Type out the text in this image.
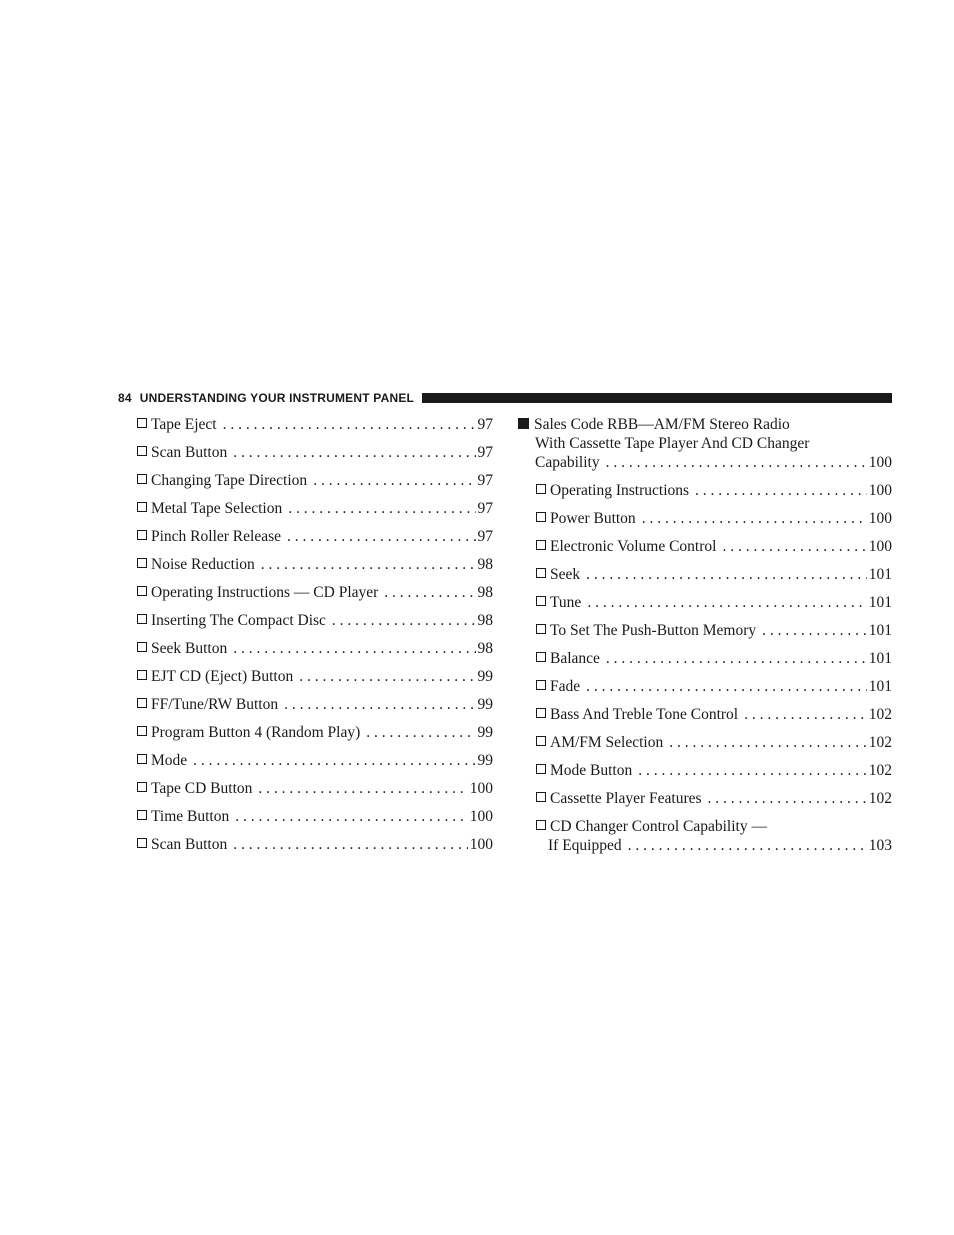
84 UNDERSTANDING YOUR INSTRUMENT PANEL
Tape Eject . . .	97
Scan Button . . .	97
Changing Tape Direction . . .	97
Metal Tape Selection . . .	97
Pinch Roller Release . . .	97
Noise Reduction . . .	98
Operating Instructions — CD Player . . .	98
Inserting The Compact Disc . . .	98
Seek Button . . .	98
EJT CD (Eject) Button . . .	99
FF/Tune/RW Button . . .	99
Program Button 4 (Random Play) . . .	99
Mode . . .	99
Tape CD Button . . .	100
Time Button . . .	100
Scan Button . . .	100
Sales Code RBB—AM/FM Stereo Radio
With Cassette Tape Player And CD Changer
Capability . . .	100
Operating Instructions . . .	100
Power Button . . .	100
Electronic Volume Control . . .	100
Seek . . .	101
Tune . . .	101
To Set The Push-Button Memory . . .	101
Balance . . .	101
Fade . . .	101
Bass And Treble Tone Control . . .	102
AM/FM Selection . . .	102
Mode Button . . .	102
Cassette Player Features . . .	102
CD Changer Control Capability —
If Equipped . . .	103
